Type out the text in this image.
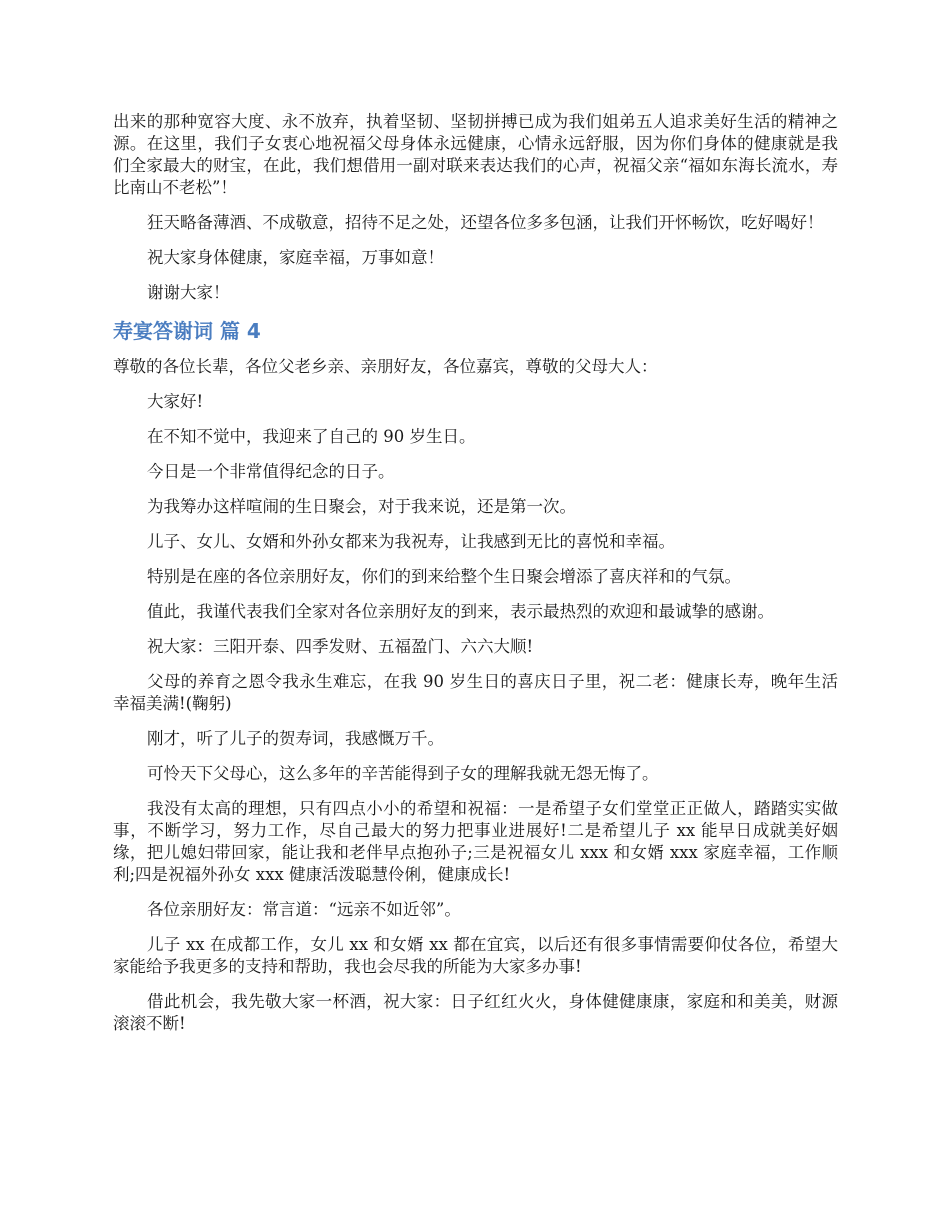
出来的那种宽容大度、永不放弃，执着坚韧、坚韧拼搏已成为我们姐弟五人追求美好生活的精神之源。在这里，我们子女衷心地祝福父母身体永远健康，心情永远舒服，因为你们身体的健康就是我们全家最大的财宝，在此，我们想借用一副对联来表达我们的心声，祝福父亲“福如东海长流水，寿比南山不老松”！

狂天略备薄酒、不成敬意，招待不足之处，还望各位多多包涵，让我们开怀畅饮，吃好喝好！

祝大家身体健康，家庭幸福，万事如意！

谢谢大家！

寿宴答谢词 篇 4

尊敬的各位长辈，各位父老乡亲、亲朋好友，各位嘉宾，尊敬的父母大人：

大家好!

在不知不觉中，我迎来了自己的 90 岁生日。

今日是一个非常值得纪念的日子。

为我筹办这样喧闹的生日聚会，对于我来说，还是第一次。

儿子、女儿、女婿和外孙女都来为我祝寿，让我感到无比的喜悦和幸福。

特别是在座的各位亲朋好友，你们的到来给整个生日聚会增添了喜庆祥和的气氛。

值此，我谨代表我们全家对各位亲朋好友的到来，表示最热烈的欢迎和最诚挚的感谢。

祝大家：三阳开泰、四季发财、五福盈门、六六大顺!

父母的养育之恩令我永生难忘，在我 90 岁生日的喜庆日子里，祝二老：健康长寿，晚年生活幸福美满!(鞠躬)

刚才，听了儿子的贺寿词，我感慨万千。

可怜天下父母心，这么多年的辛苦能得到子女的理解我就无怨无悔了。

我没有太高的理想，只有四点小小的希望和祝福：一是希望子女们堂堂正正做人，踏踏实实做事，不断学习，努力工作，尽自己最大的努力把事业进展好!二是希望儿子 xx 能早日成就美好姻缘，把儿媳妇带回家，能让我和老伴早点抱孙子;三是祝福女儿 xxx 和女婿 xxx 家庭幸福，工作顺利;四是祝福外孙女 xxx 健康活泼聪慧伶俐，健康成长!

各位亲朋好友：常言道：“远亲不如近邻”。

儿子 xx 在成都工作，女儿 xx 和女婿 xx 都在宜宾，以后还有很多事情需要仰仗各位，希望大家能给予我更多的支持和帮助，我也会尽我的所能为大家多办事!

借此机会，我先敬大家一杯酒，祝大家：日子红红火火，身体健健康康，家庭和和美美，财源滚滚不断!
